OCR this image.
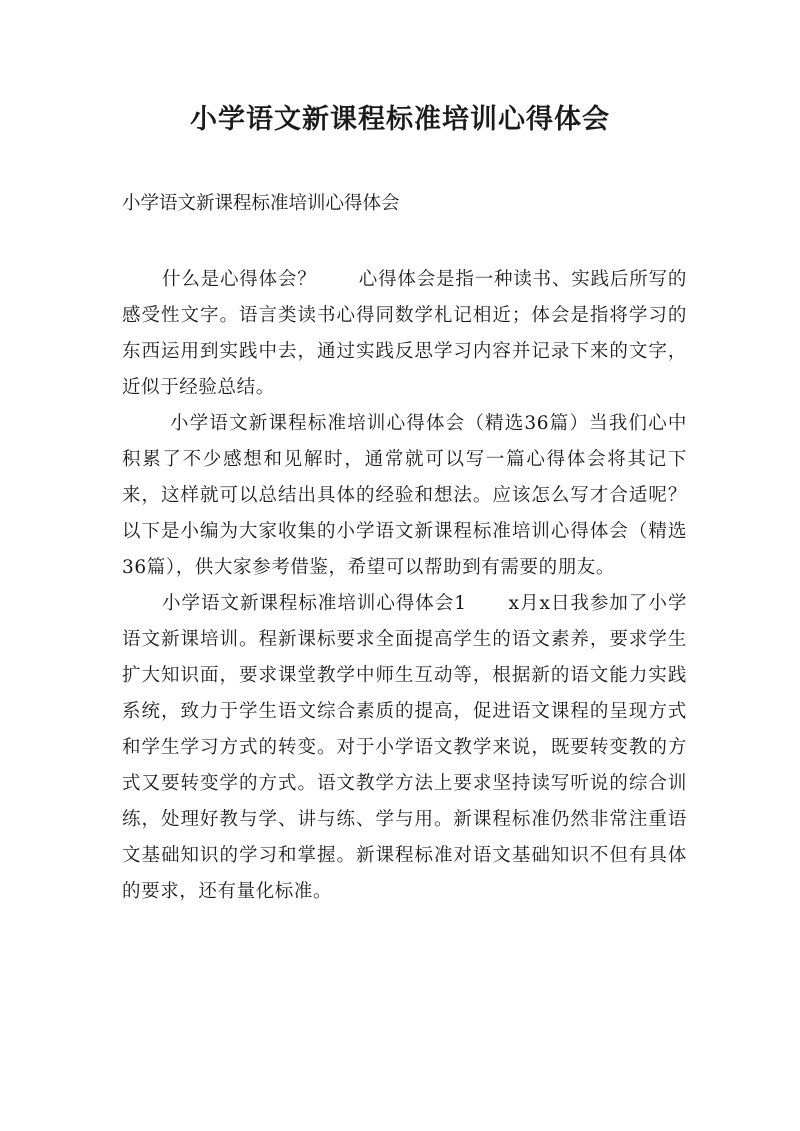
小学语文新课程标准培训心得体会

小学语文新课程标准培训心得体会

什么是心得体会？ 心得体会是指一种读书、实践后所写的感受性文字。语言类读书心得同数学札记相近；体会是指将学习的东西运用到实践中去，通过实践反思学习内容并记录下来的文字，近似于经验总结。

小学语文新课程标准培训心得体会（精选36篇）当我们心中积累了不少感想和见解时，通常就可以写一篇心得体会将其记下来，这样就可以总结出具体的经验和想法。应该怎么写才合适呢？以下是小编为大家收集的小学语文新课程标准培训心得体会（精选36篇），供大家参考借鉴，希望可以帮助到有需要的朋友。

小学语文新课程标准培训心得体会1 x月x日我参加了小学语文新课培训。程新课标要求全面提高学生的语文素养，要求学生扩大知识面，要求课堂教学中师生互动等，根据新的语文能力实践系统，致力于学生语文综合素质的提高，促进语文课程的呈现方式和学生学习方式的转变。对于小学语文教学来说，既要转变教的方式又要转变学的方式。语文教学方法上要求坚持读写听说的综合训练，处理好教与学、讲与练、学与用。新课程标准仍然非常注重语文基础知识的学习和掌握。新课程标准对语文基础知识不但有具体的要求，还有量化标准。
